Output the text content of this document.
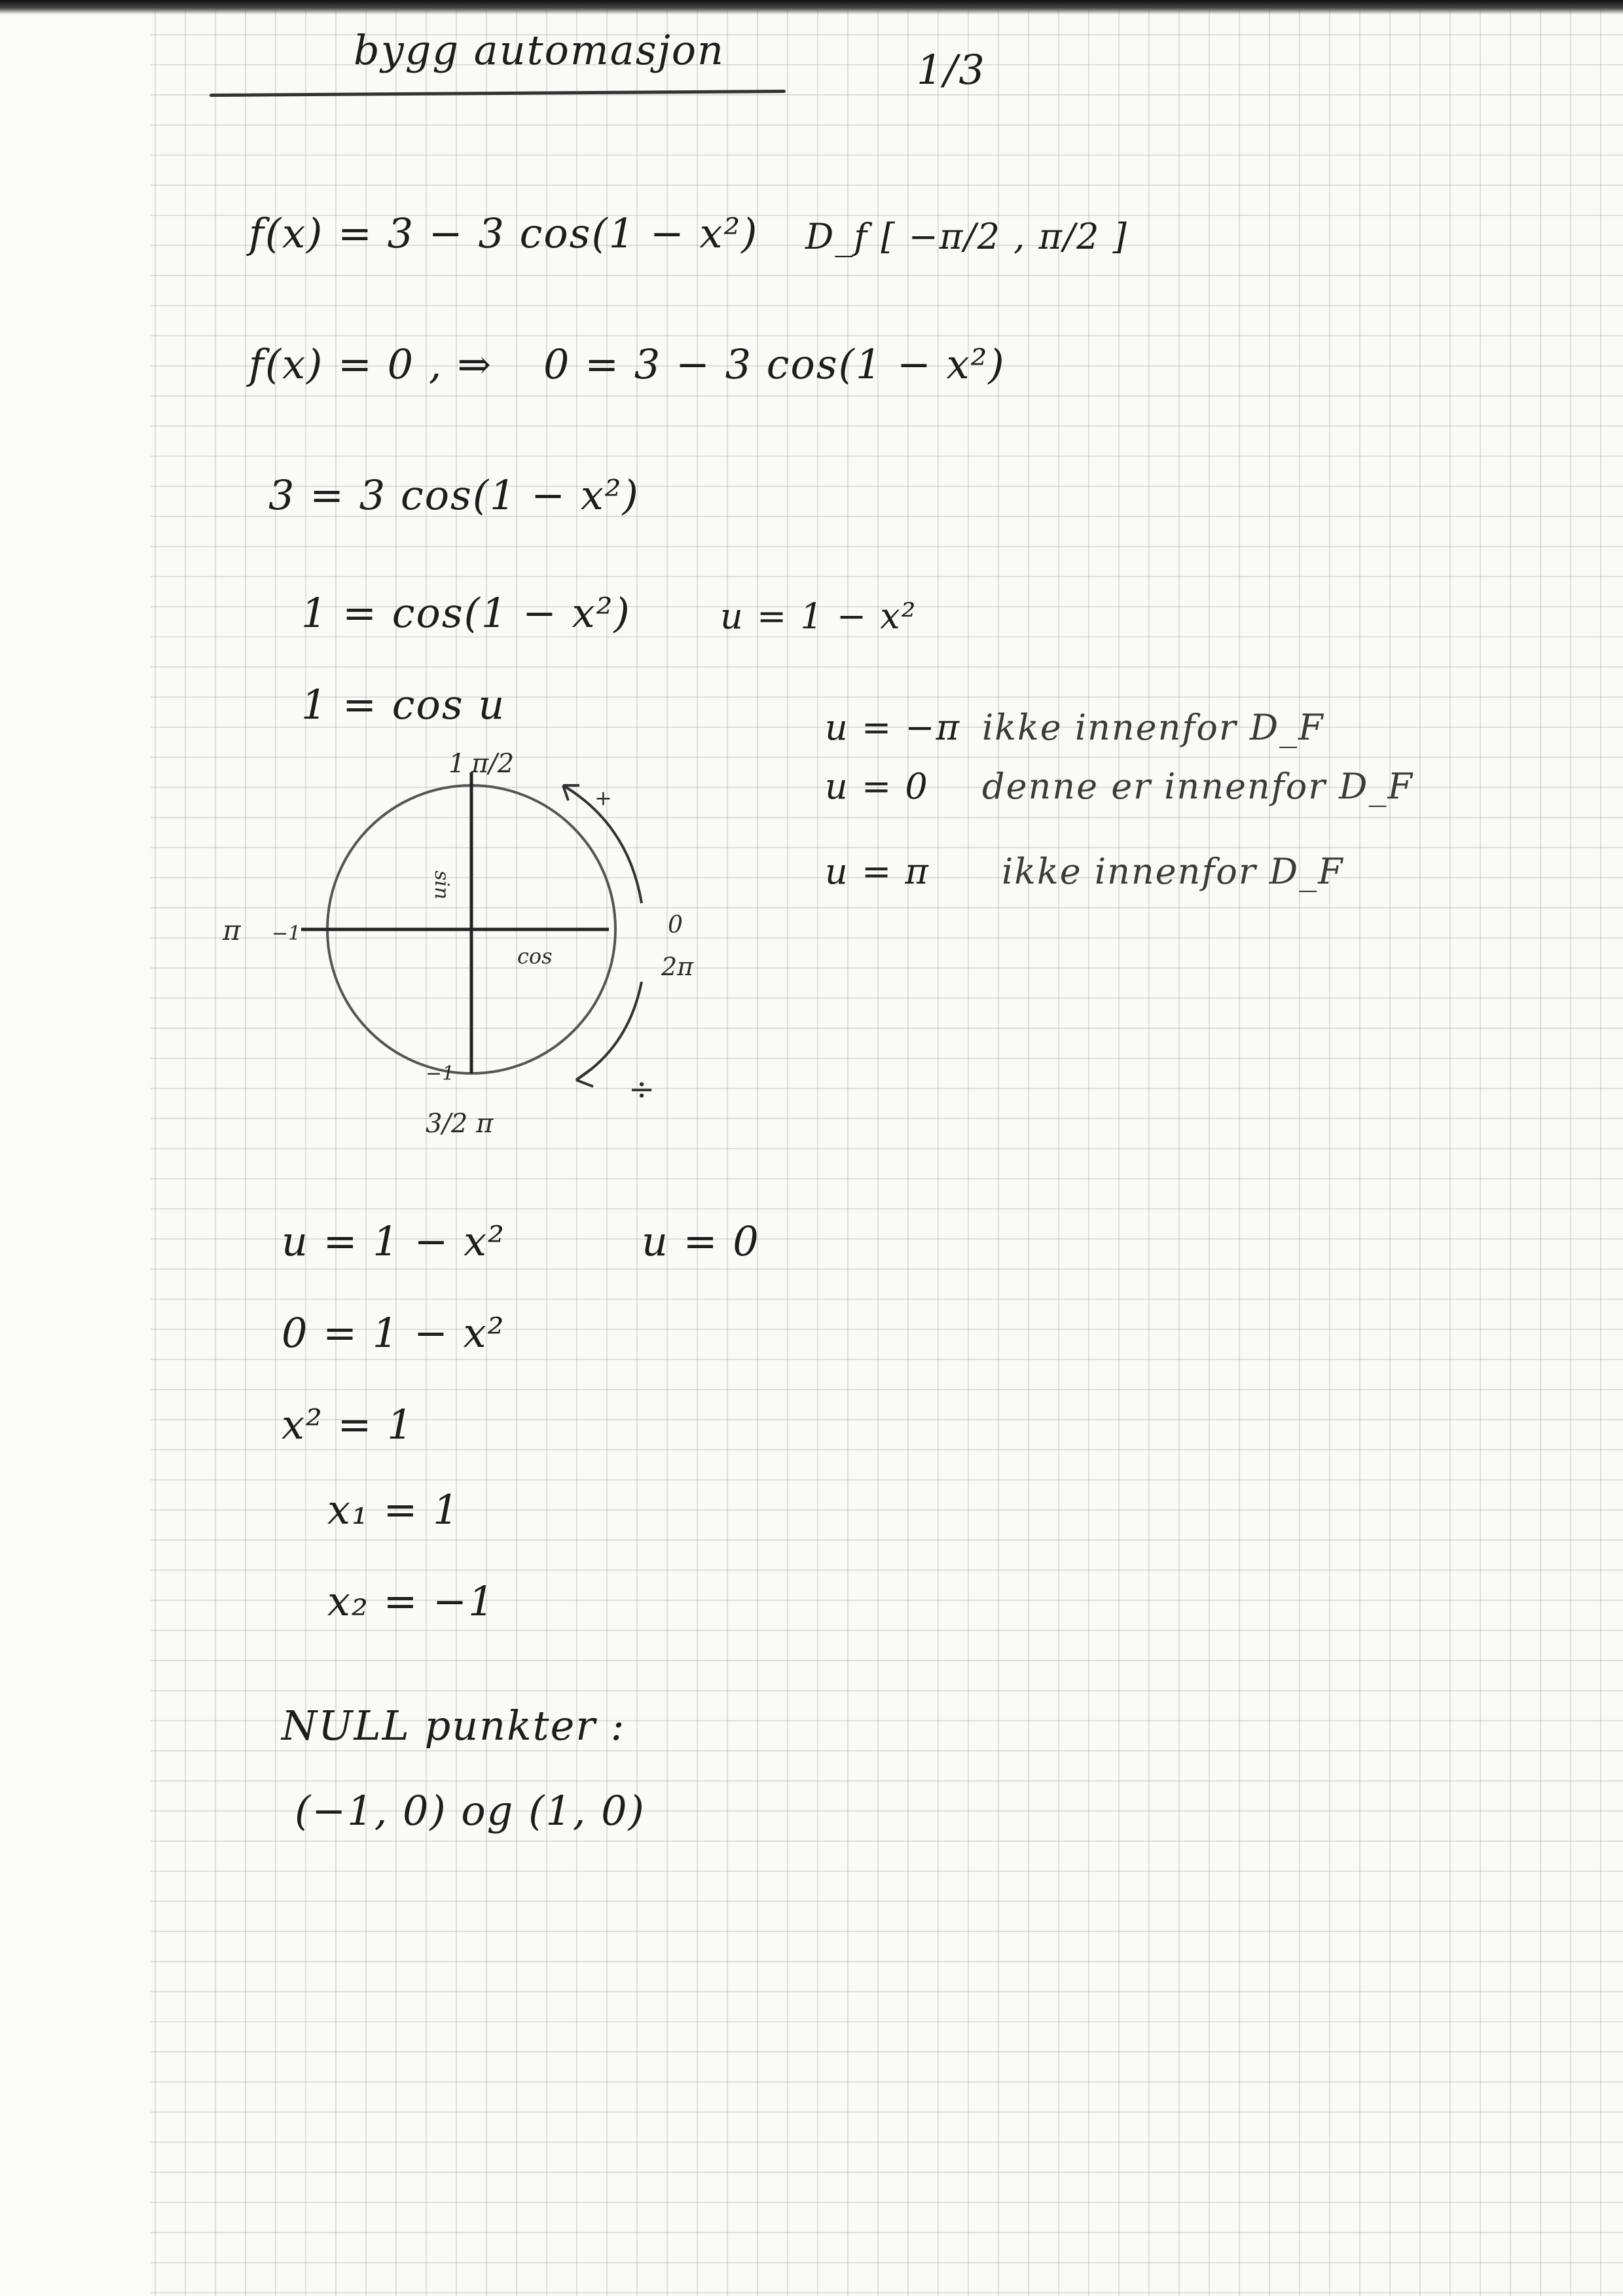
bygg automasjon	1/3
f(x) = 3 − 3 cos(1 − x²) D_f [ −π/2 , π/2 ]
f(x) = 0 , ⇒ 0 = 3 − 3 cos(1 − x²)
3 = 3 cos(1 − x²)
1 = cos(1 − x²)	u = 1 − x²
1 = cos u	u = −π ikke innenfor D_F
u = 0 denne er innenfor D_F
u = π ikke innenfor D_F
1 π/2
π −1	0
2π
−1
3/2 π
sin
cos
+
÷
u = 1 − x²	u = 0
0 = 1 − x²
x² = 1
x₁ = 1
x₂ = −1
NULL punkter :
(−1, 0) og (1, 0)
